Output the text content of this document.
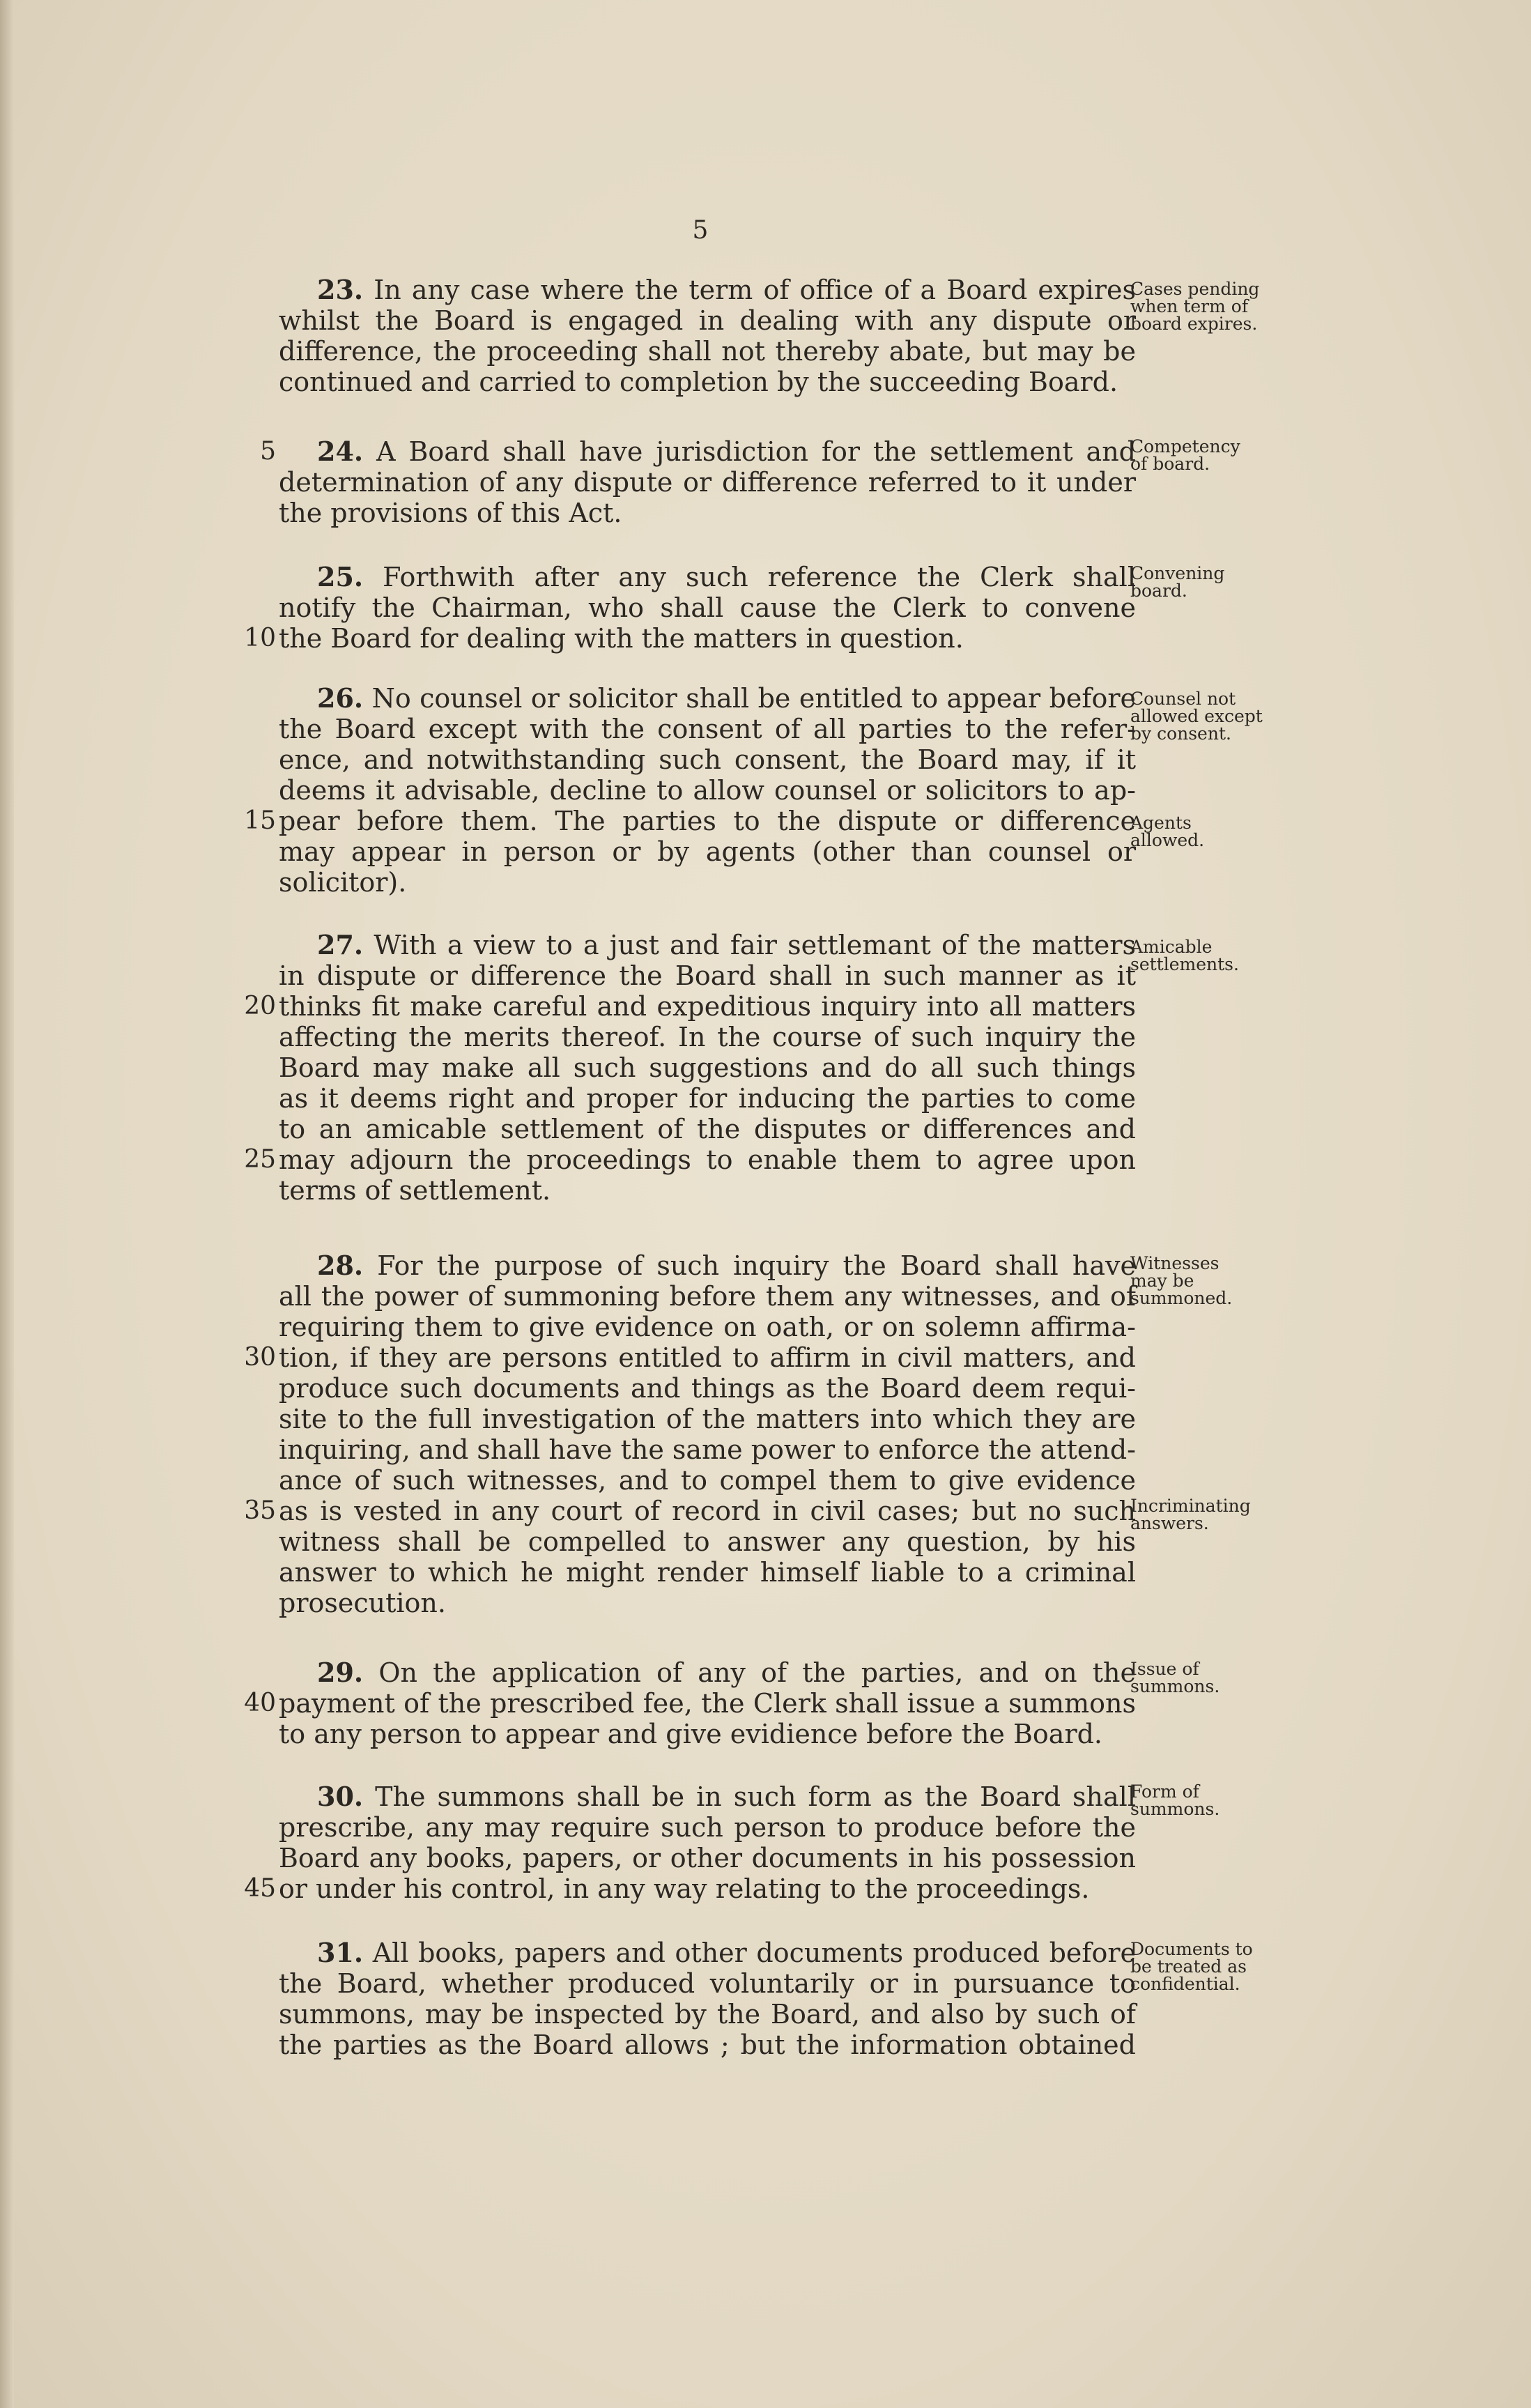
5
23. In any case where the term of office of a Board expires
whilst the Board is engaged in dealing with any dispute or
difference, the proceeding shall not thereby abate, but may be
continued and carried to completion by the succeeding Board.
Cases pending
when term of
board expires.
5 24. A Board shall have jurisdiction for the settlement and
determination of any dispute or difference referred to it under
the provisions of this Act.
Competency
of board.
25. Forthwith after any such reference the Clerk shall
notify the Chairman, who shall cause the Clerk to convene
10 the Board for dealing with the matters in question.
Convening
board.
26. No counsel or solicitor shall be entitled to appear before
the Board except with the consent of all parties to the refer-
ence, and notwithstanding such consent, the Board may, if it
deems it advisable, decline to allow counsel or solicitors to ap-
15 pear before them. The parties to the dispute or difference
may appear in person or by agents (other than counsel or
solicitor).
Counsel not
allowed except
by consent.
Agents
allowed.
27. With a view to a just and fair settlemant of the matters
in dispute or difference the Board shall in such manner as it
20 thinks fit make careful and expeditious inquiry into all matters
affecting the merits thereof. In the course of such inquiry the
Board may make all such suggestions and do all such things
as it deems right and proper for inducing the parties to come
to an amicable settlement of the disputes or differences and
25 may adjourn the proceedings to enable them to agree upon
terms of settlement.
Amicable
settlements.
28. For the purpose of such inquiry the Board shall have
all the power of summoning before them any witnesses, and of
requiring them to give evidence on oath, or on solemn affirma-
30 tion, if they are persons entitled to affirm in civil matters, and
produce such documents and things as the Board deem requi-
site to the full investigation of the matters into which they are
inquiring, and shall have the same power to enforce the attend-
ance of such witnesses, and to compel them to give evidence
35 as is vested in any court of record in civil cases; but no such
witness shall be compelled to answer any question, by his
answer to which he might render himself liable to a criminal
prosecution.
Witnesses
may be
summoned.
Incriminating
answers.
29. On the application of any of the parties, and on the
40 payment of the prescribed fee, the Clerk shall issue a summons
to any person to appear and give evidience before the Board.
Issue of
summons.
30. The summons shall be in such form as the Board shall
prescribe, any may require such person to produce before the
Board any books, papers, or other documents in his possession
45 or under his control, in any way relating to the proceedings.
Form of
summons.
31. All books, papers and other documents produced before
the Board, whether produced voluntarily or in pursuance to
summons, may be inspected by the Board, and also by such of
the parties as the Board allows ; but the information obtained
Documents to
be treated as
confidential.
